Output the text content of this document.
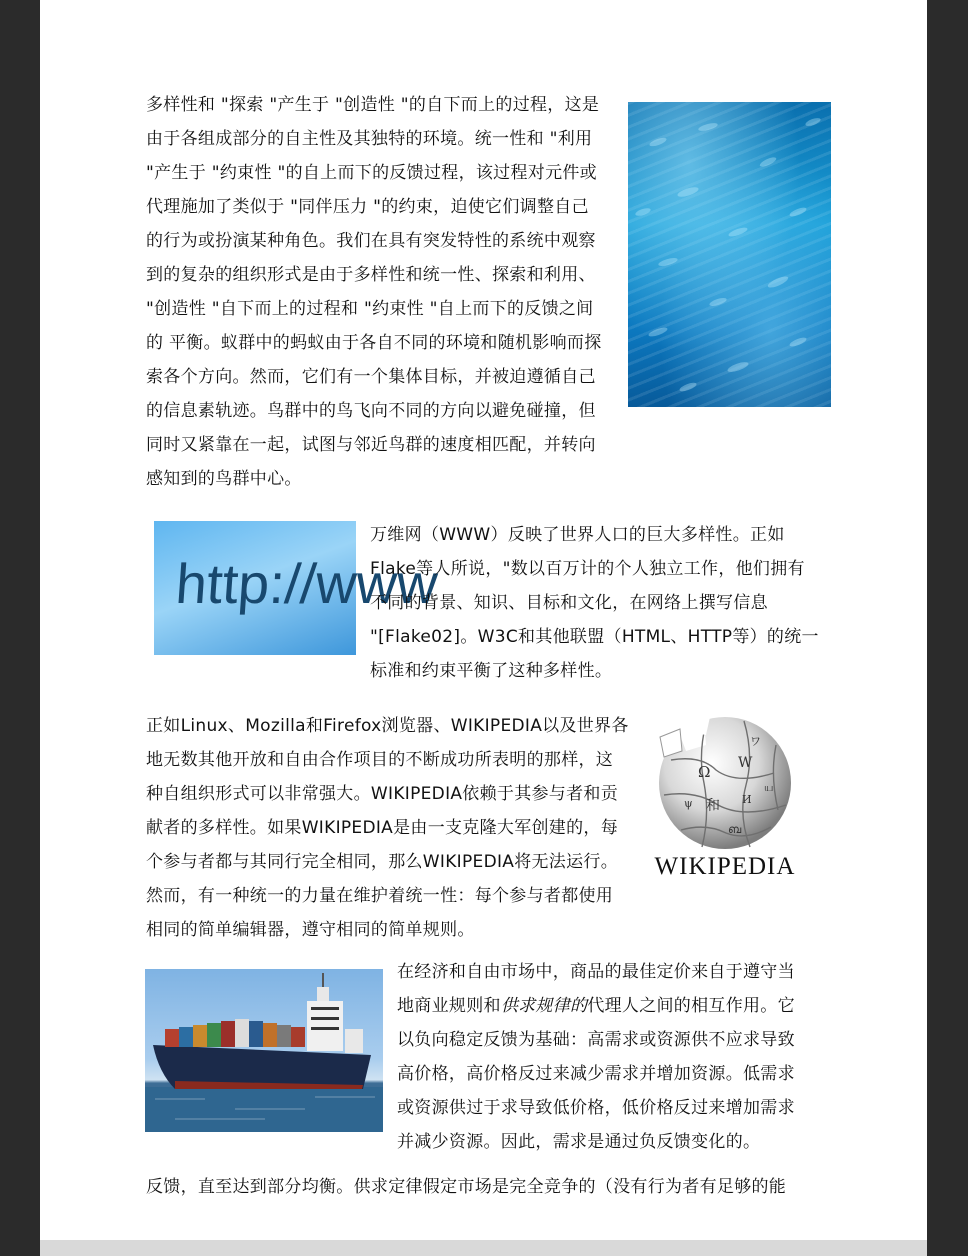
多样性和 "探索 "产生于 "创造性 "的自下而上的过程，这是
由于各组成部分的自主性及其独特的环境。统一性和 "利用
"产生于 "约束性 "的自上而下的反馈过程，该过程对元件或
代理施加了类似于 "同伴压力 "的约束，迫使它们调整自己
的行为或扮演某种角色。我们在具有突发特性的系统中观察
到的复杂的组织形式是由于多样性和统一性、探索和利用、
"创造性 "自下而上的过程和 "约束性 "自上而下的反馈之间
的 平衡。蚁群中的蚂蚁由于各自不同的环境和随机影响而探
索各个方向。然而，它们有一个集体目标，并被迫遵循自己
的信息素轨迹。鸟群中的鸟飞向不同的方向以避免碰撞，但
同时又紧靠在一起，试图与邻近鸟群的速度相匹配，并转向
感知到的鸟群中心。
http://www
万维网（WWW）反映了世界人口的巨大多样性。正如
Flake等人所说，"数以百万计的个人独立工作，他们拥有
不同的背景、知识、目标和文化，在网络上撰写信息
"[Flake02]。W3C和其他联盟（HTML、HTTP等）的统一
标准和约束平衡了这种多样性。
正如Linux、Mozilla和Firefox浏览器、WIKIPEDIA以及世界各
地无数其他开放和自由合作项目的不断成功所表明的那样，这
种自组织形式可以非常强大。WIKIPEDIA依赖于其参与者和贡
献者的多样性。如果WIKIPEDIA是由一支克隆大军创建的，每
个参与者都与其同行完全相同，那么WIKIPEDIA将无法运行。
然而，有一种统一的力量在维护着统一性：每个参与者都使用
相同的简单编辑器，遵守相同的简单规则。
Ω W
ワ
和 И
ψ
ய
ബ
WIKIPEDIA
在经济和自由市场中，商品的最佳定价来自于遵守当
地商业规则和供求规律的代理人之间的相互作用。它
以负向稳定反馈为基础：高需求或资源供不应求导致
高价格，高价格反过来减少需求并增加资源。低需求
或资源供过于求导致低价格，低价格反过来增加需求
并减少资源。因此，需求是通过负反馈变化的。
反馈，直至达到部分均衡。供求定律假定市场是完全竞争的（没有行为者有足够的能
